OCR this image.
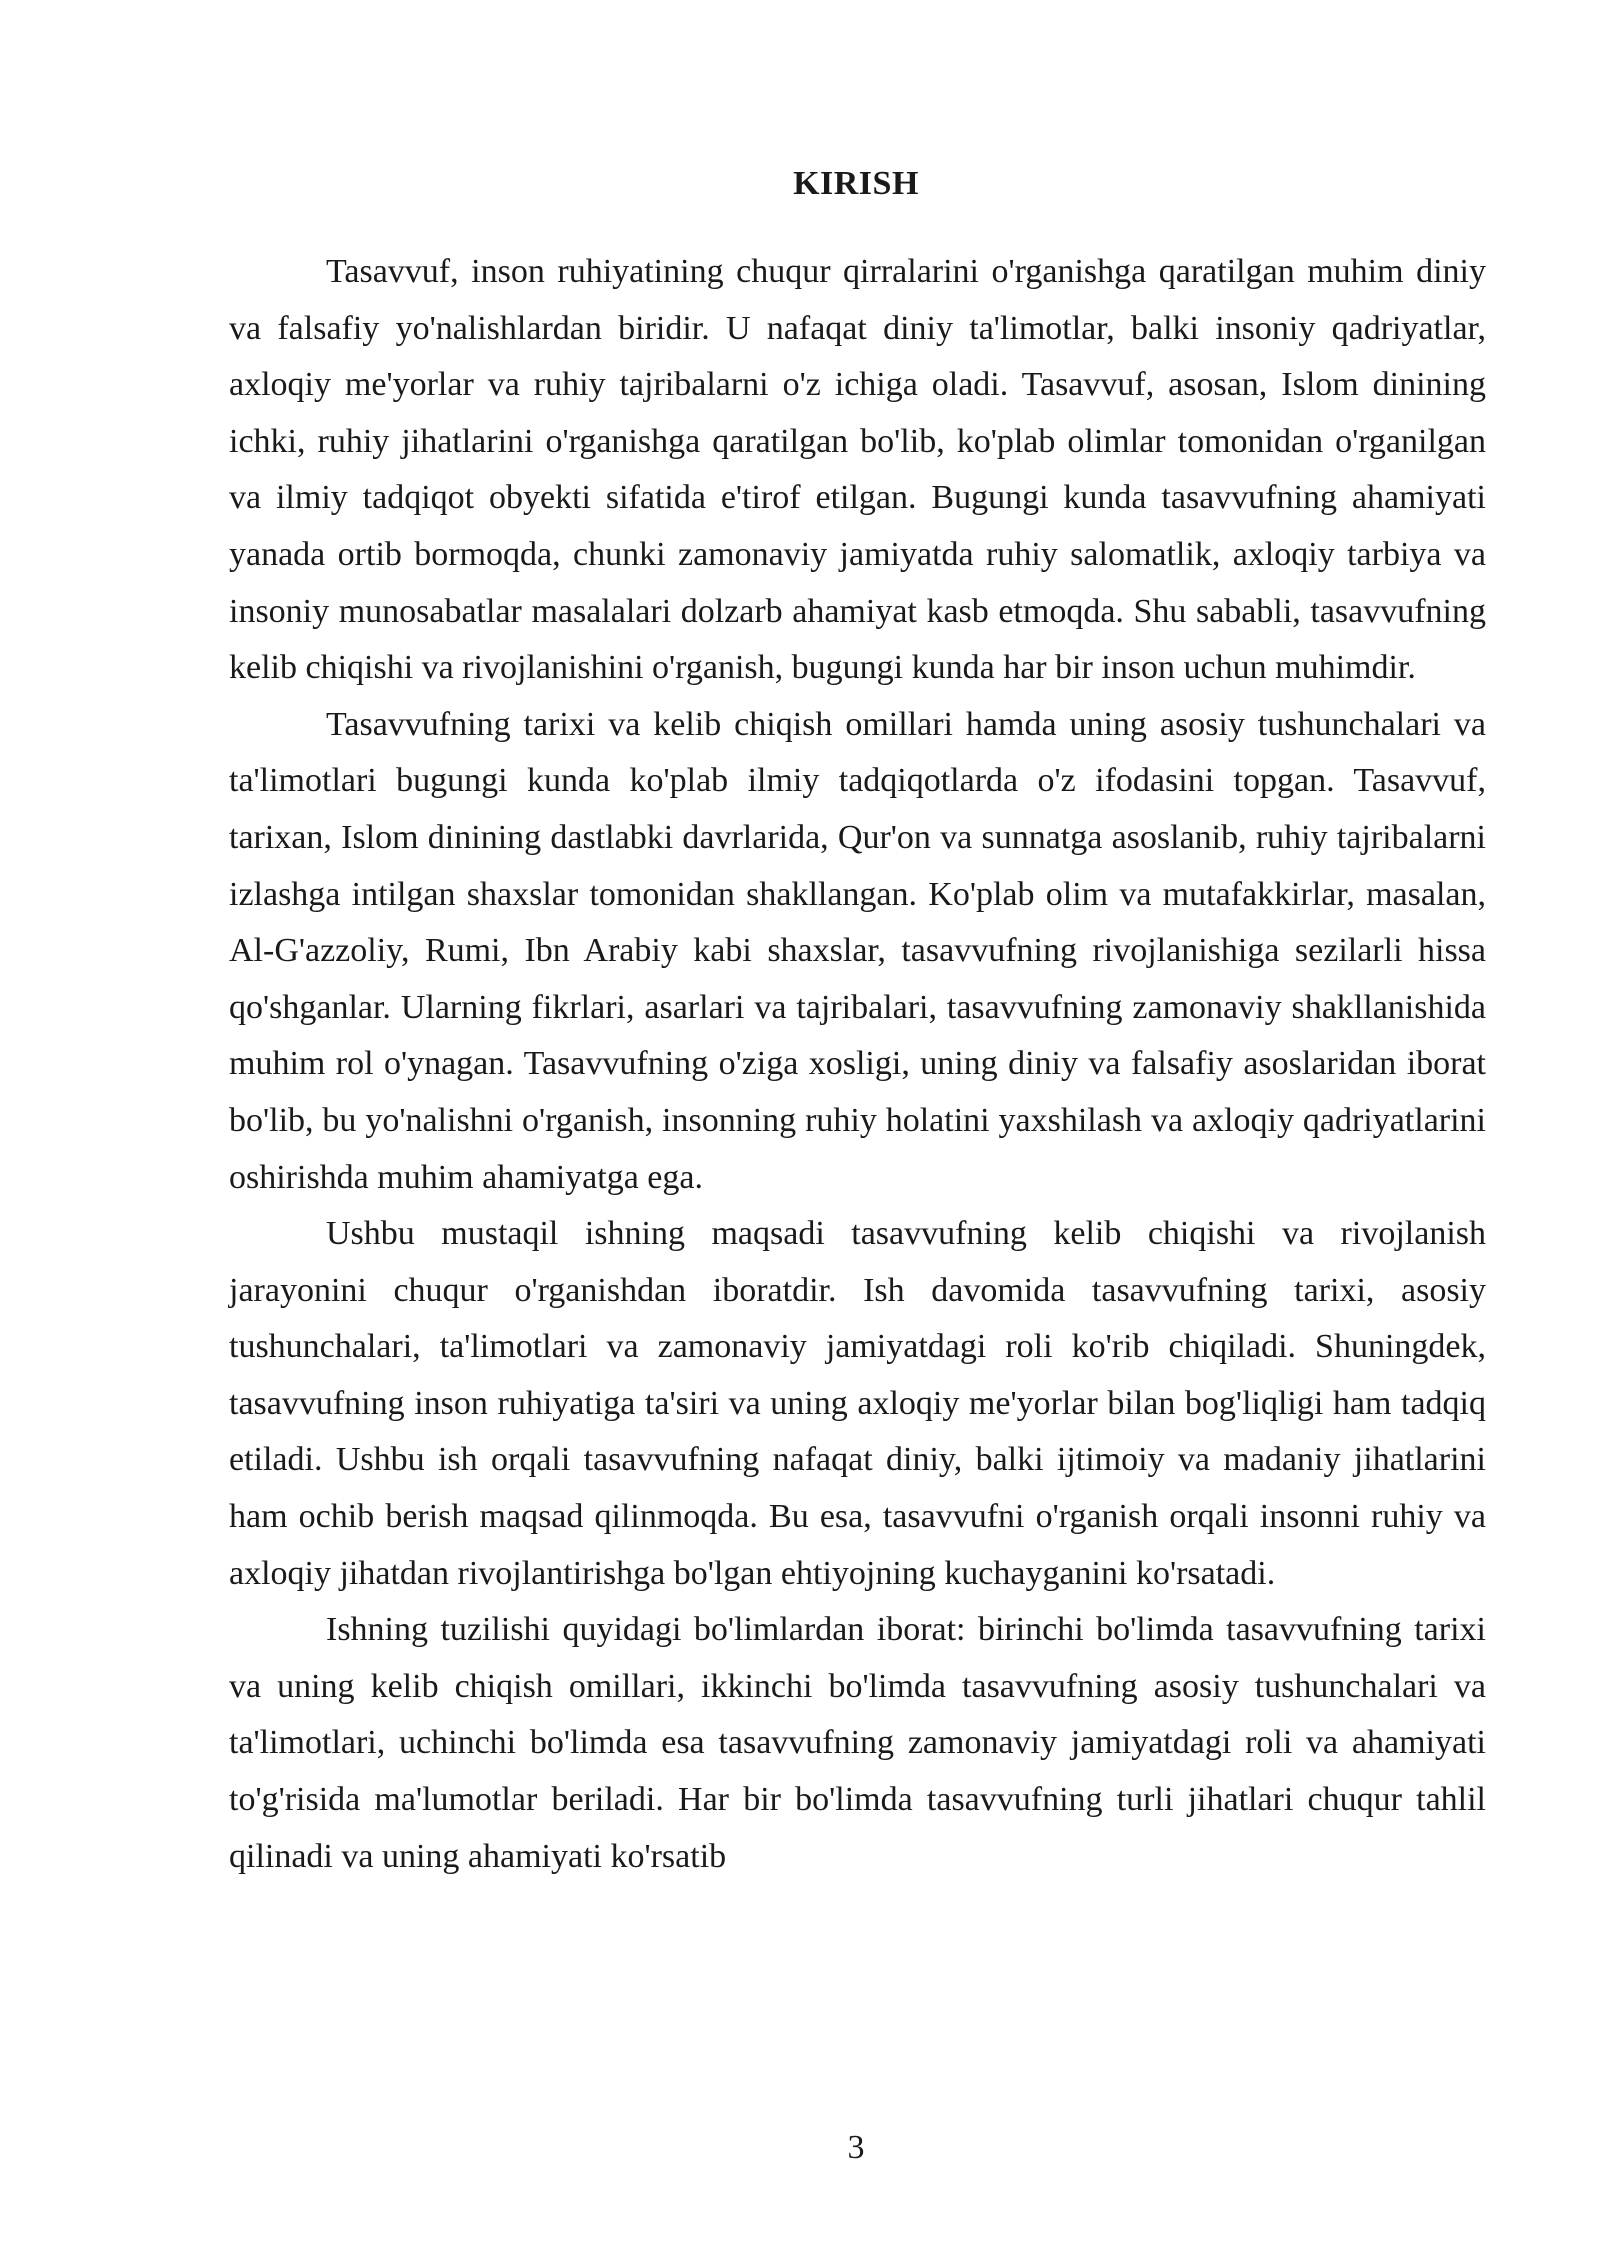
KIRISH

Tasavvuf, inson ruhiyatining chuqur qirralarini o'rganishga qaratilgan muhim diniy va falsafiy yo'nalishlardan biridir. U nafaqat diniy ta'limotlar, balki insoniy qadriyatlar, axloqiy me'yorlar va ruhiy tajribalarni o'z ichiga oladi. Tasavvuf, asosan, Islom dinining ichki, ruhiy jihatlarini o'rganishga qaratilgan bo'lib, ko'plab olimlar tomonidan o'rganilgan va ilmiy tadqiqot obyekti sifatida e'tirof etilgan. Bugungi kunda tasavvufning ahamiyati yanada ortib bormoqda, chunki zamonaviy jamiyatda ruhiy salomatlik, axloqiy tarbiya va insoniy munosabatlar masalalari dolzarb ahamiyat kasb etmoqda. Shu sababli, tasavvufning kelib chiqishi va rivojlanishini o'rganish, bugungi kunda har bir inson uchun muhimdir.

Tasavvufning tarixi va kelib chiqish omillari hamda uning asosiy tushunchalari va ta'limotlari bugungi kunda ko'plab ilmiy tadqiqotlarda o'z ifodasini topgan. Tasavvuf, tarixan, Islom dinining dastlabki davrlarida, Qur'on va sunnatga asoslanib, ruhiy tajribalarni izlashga intilgan shaxslar tomonidan shakllangan. Ko'plab olim va mutafakkirlar, masalan, Al-G'azzoliy, Rumi, Ibn Arabiy kabi shaxslar, tasavvufning rivojlanishiga sezilarli hissa qo'shganlar. Ularning fikrlari, asarlari va tajribalari, tasavvufning zamonaviy shakllanishida muhim rol o'ynagan. Tasavvufning o'ziga xosligi, uning diniy va falsafiy asoslaridan iborat bo'lib, bu yo'nalishni o'rganish, insonning ruhiy holatini yaxshilash va axloqiy qadriyatlarini oshirishda muhim ahamiyatga ega.

Ushbu mustaqil ishning maqsadi tasavvufning kelib chiqishi va rivojlanish jarayonini chuqur o'rganishdan iboratdir. Ish davomida tasavvufning tarixi, asosiy tushunchalari, ta'limotlari va zamonaviy jamiyatdagi roli ko'rib chiqiladi. Shuningdek, tasavvufning inson ruhiyatiga ta'siri va uning axloqiy me'yorlar bilan bog'liqligi ham tadqiq etiladi. Ushbu ish orqali tasavvufning nafaqat diniy, balki ijtimoiy va madaniy jihatlarini ham ochib berish maqsad qilinmoqda. Bu esa, tasavvufni o'rganish orqali insonni ruhiy va axloqiy jihatdan rivojlantirishga bo'lgan ehtiyojning kuchayganini ko'rsatadi.

Ishning tuzilishi quyidagi bo'limlardan iborat: birinchi bo'limda tasavvufning tarixi va uning kelib chiqish omillari, ikkinchi bo'limda tasavvufning asosiy tushunchalari va ta'limotlari, uchinchi bo'limda esa tasavvufning zamonaviy jamiyatdagi roli va ahamiyati to'g'risida ma'lumotlar beriladi. Har bir bo'limda tasavvufning turli jihatlari chuqur tahlil qilinadi va uning ahamiyati ko'rsatib

3
